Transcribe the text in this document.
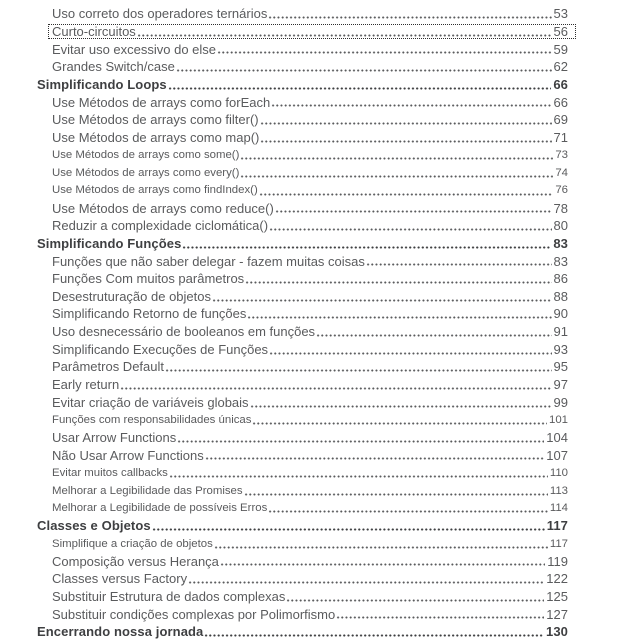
Uso correto dos operadores ternários	53
Curto-circuitos	56
Evitar uso excessivo do else	59
Grandes Switch/case	62
Simplificando Loops	66
Use Métodos de arrays como forEach	66
Use Métodos de arrays como filter()	69
Use Métodos de arrays como map()	71
Use Métodos de arrays como some()	73
Use Métodos de arrays como every()	74
Use Métodos de arrays como findIndex()	76
Use Métodos de arrays como reduce()	78
Reduzir a complexidade ciclomática()	80
Simplificando Funções	83
Funções que não saber delegar - fazem muitas coisas	83
Funções Com muitos parâmetros	86
Desestruturação de objetos	88
Simplificando Retorno de funções	90
Uso desnecessário de booleanos em funções	91
Simplificando Execuções de Funções	93
Parâmetros Default	95
Early return	97
Evitar criação de variáveis globais	99
Funções com responsabilidades únicas	101
Usar Arrow Functions	104
Não Usar Arrow Functions	107
Evitar muitos callbacks	110
Melhorar a Legibilidade das Promises	113
Melhorar a Legibilidade de possíveis Erros	114
Classes e Objetos	117
Simplifique a criação de objetos	117
Composição versus Herança	119
Classes versus Factory	122
Substituir Estrutura de dados complexas	125
Substituir condições complexas por Polimorfismo	127
Encerrando nossa jornada	130
